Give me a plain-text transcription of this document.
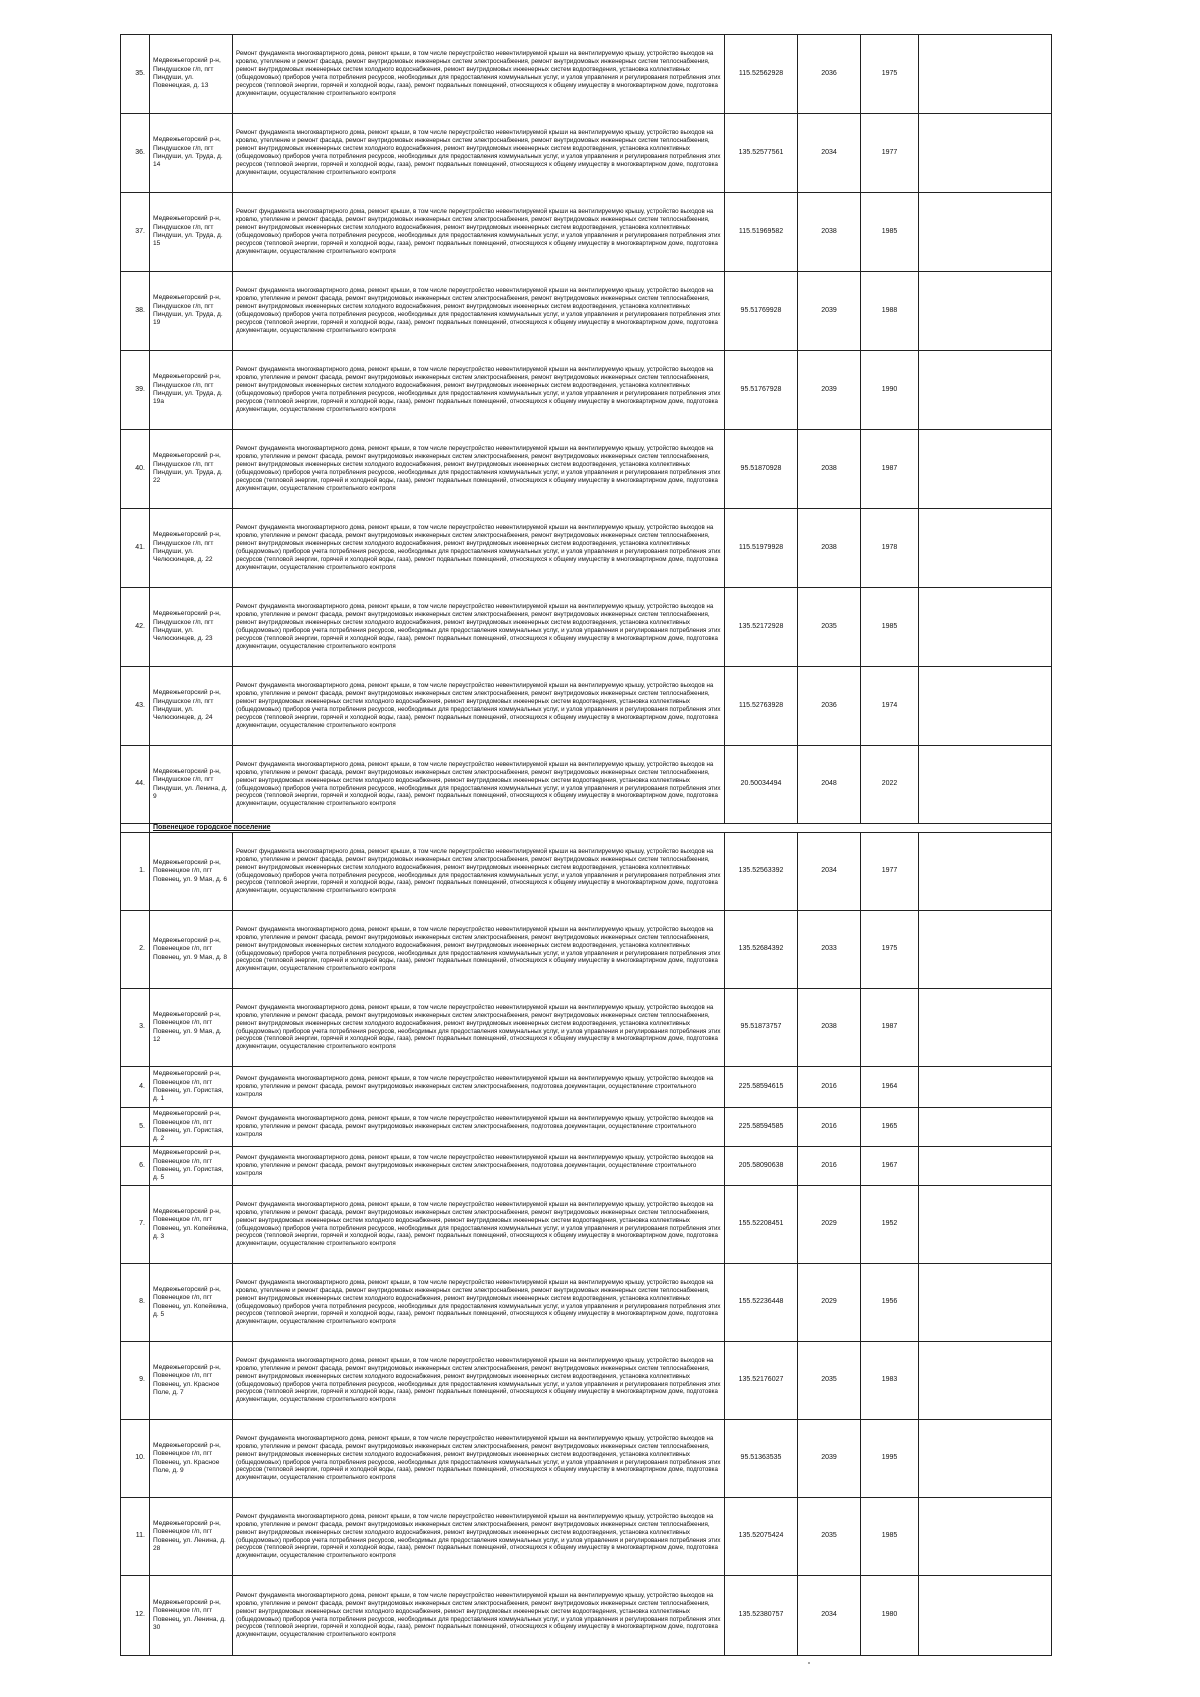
35.	Медвежьегорский р-н, Пиндушское г/п, пгт Пиндуши, ул. Повенецкая, д. 13	Ремонт фундамента многоквартирного дома, ремонт крыши, в том числе переустройство невентилируемой крыши на вентилируемую крышу, устройство выходов на кровлю, утепление и ремонт фасада, ремонт внутридомовых инженерных систем электроснабжения, ремонт внутридомовых инженерных систем теплоснабжения, ремонт внутридомовых инженерных систем холодного водоснабжения, ремонт внутридомовых инженерных систем водоотведения, установка коллективных (общедомовых) приборов учета потребления ресурсов, необходимых для предоставления коммунальных услуг, и узлов управления и регулирования потребления этих ресурсов (тепловой энергии, горячей и холодной воды, газа), ремонт подвальных помещений, относящихся к общему имуществу в многоквартирном доме, подготовка документации, осуществление строительного контроля	115.52562928	2036	1975	
36.	Медвежьегорский р-н, Пиндушское г/п, пгт Пиндуши, ул. Труда, д. 14	Ремонт фундамента многоквартирного дома, ремонт крыши, в том числе переустройство невентилируемой крыши на вентилируемую крышу, устройство выходов на кровлю, утепление и ремонт фасада, ремонт внутридомовых инженерных систем электроснабжения, ремонт внутридомовых инженерных систем теплоснабжения, ремонт внутридомовых инженерных систем холодного водоснабжения, ремонт внутридомовых инженерных систем водоотведения, установка коллективных (общедомовых) приборов учета потребления ресурсов, необходимых для предоставления коммунальных услуг, и узлов управления и регулирования потребления этих ресурсов (тепловой энергии, горячей и холодной воды, газа), ремонт подвальных помещений, относящихся к общему имуществу в многоквартирном доме, подготовка документации, осуществление строительного контроля	135.52577561	2034	1977	
37.	Медвежьегорский р-н, Пиндушское г/п, пгт Пиндуши, ул. Труда, д. 15	Ремонт фундамента многоквартирного дома, ремонт крыши, в том числе переустройство невентилируемой крыши на вентилируемую крышу, устройство выходов на кровлю, утепление и ремонт фасада, ремонт внутридомовых инженерных систем электроснабжения, ремонт внутридомовых инженерных систем теплоснабжения, ремонт внутридомовых инженерных систем холодного водоснабжения, ремонт внутридомовых инженерных систем водоотведения, установка коллективных (общедомовых) приборов учета потребления ресурсов, необходимых для предоставления коммунальных услуг, и узлов управления и регулирования потребления этих ресурсов (тепловой энергии, горячей и холодной воды, газа), ремонт подвальных помещений, относящихся к общему имуществу в многоквартирном доме, подготовка документации, осуществление строительного контроля	115.51969582	2038	1985	
38.	Медвежьегорский р-н, Пиндушское г/п, пгт Пиндуши, ул. Труда, д. 19	Ремонт фундамента многоквартирного дома, ремонт крыши, в том числе переустройство невентилируемой крыши на вентилируемую крышу, устройство выходов на кровлю, утепление и ремонт фасада, ремонт внутридомовых инженерных систем электроснабжения, ремонт внутридомовых инженерных систем теплоснабжения, ремонт внутридомовых инженерных систем холодного водоснабжения, ремонт внутридомовых инженерных систем водоотведения, установка коллективных (общедомовых) приборов учета потребления ресурсов, необходимых для предоставления коммунальных услуг, и узлов управления и регулирования потребления этих ресурсов (тепловой энергии, горячей и холодной воды, газа), ремонт подвальных помещений, относящихся к общему имуществу в многоквартирном доме, подготовка документации, осуществление строительного контроля	95.51769928	2039	1988	
39.	Медвежьегорский р-н, Пиндушское г/п, пгт Пиндуши, ул. Труда, д. 19а	Ремонт фундамента многоквартирного дома, ремонт крыши, в том числе переустройство невентилируемой крыши на вентилируемую крышу, устройство выходов на кровлю, утепление и ремонт фасада, ремонт внутридомовых инженерных систем электроснабжения, ремонт внутридомовых инженерных систем теплоснабжения, ремонт внутридомовых инженерных систем холодного водоснабжения, ремонт внутридомовых инженерных систем водоотведения, установка коллективных (общедомовых) приборов учета потребления ресурсов, необходимых для предоставления коммунальных услуг, и узлов управления и регулирования потребления этих ресурсов (тепловой энергии, горячей и холодной воды, газа), ремонт подвальных помещений, относящихся к общему имуществу в многоквартирном доме, подготовка документации, осуществление строительного контроля	95.51767928	2039	1990	
40.	Медвежьегорский р-н, Пиндушское г/п, пгт Пиндуши, ул. Труда, д. 22	Ремонт фундамента многоквартирного дома, ремонт крыши, в том числе переустройство невентилируемой крыши на вентилируемую крышу, устройство выходов на кровлю, утепление и ремонт фасада, ремонт внутридомовых инженерных систем электроснабжения, ремонт внутридомовых инженерных систем теплоснабжения, ремонт внутридомовых инженерных систем холодного водоснабжения, ремонт внутридомовых инженерных систем водоотведения, установка коллективных (общедомовых) приборов учета потребления ресурсов, необходимых для предоставления коммунальных услуг, и узлов управления и регулирования потребления этих ресурсов (тепловой энергии, горячей и холодной воды, газа), ремонт подвальных помещений, относящихся к общему имуществу в многоквартирном доме, подготовка документации, осуществление строительного контроля	95.51870928	2038	1987	
41.	Медвежьегорский р-н, Пиндушское г/п, пгт Пиндуши, ул. Челюскинцев, д. 22	Ремонт фундамента многоквартирного дома, ремонт крыши, в том числе переустройство невентилируемой крыши на вентилируемую крышу, устройство выходов на кровлю, утепление и ремонт фасада, ремонт внутридомовых инженерных систем электроснабжения, ремонт внутридомовых инженерных систем теплоснабжения, ремонт внутридомовых инженерных систем холодного водоснабжения, ремонт внутридомовых инженерных систем водоотведения, установка коллективных (общедомовых) приборов учета потребления ресурсов, необходимых для предоставления коммунальных услуг, и узлов управления и регулирования потребления этих ресурсов (тепловой энергии, горячей и холодной воды, газа), ремонт подвальных помещений, относящихся к общему имуществу в многоквартирном доме, подготовка документации, осуществление строительного контроля	115.51979928	2038	1978	
42.	Медвежьегорский р-н, Пиндушское г/п, пгт Пиндуши, ул. Челюскинцев, д. 23	Ремонт фундамента многоквартирного дома, ремонт крыши, в том числе переустройство невентилируемой крыши на вентилируемую крышу, устройство выходов на кровлю, утепление и ремонт фасада, ремонт внутридомовых инженерных систем электроснабжения, ремонт внутридомовых инженерных систем теплоснабжения, ремонт внутридомовых инженерных систем холодного водоснабжения, ремонт внутридомовых инженерных систем водоотведения, установка коллективных (общедомовых) приборов учета потребления ресурсов, необходимых для предоставления коммунальных услуг, и узлов управления и регулирования потребления этих ресурсов (тепловой энергии, горячей и холодной воды, газа), ремонт подвальных помещений, относящихся к общему имуществу в многоквартирном доме, подготовка документации, осуществление строительного контроля	135.52172928	2035	1985	
43.	Медвежьегорский р-н, Пиндушское г/п, пгт Пиндуши, ул. Челюскинцев, д. 24	Ремонт фундамента многоквартирного дома, ремонт крыши, в том числе переустройство невентилируемой крыши на вентилируемую крышу, устройство выходов на кровлю, утепление и ремонт фасада, ремонт внутридомовых инженерных систем электроснабжения, ремонт внутридомовых инженерных систем теплоснабжения, ремонт внутридомовых инженерных систем холодного водоснабжения, ремонт внутридомовых инженерных систем водоотведения, установка коллективных (общедомовых) приборов учета потребления ресурсов, необходимых для предоставления коммунальных услуг, и узлов управления и регулирования потребления этих ресурсов (тепловой энергии, горячей и холодной воды, газа), ремонт подвальных помещений, относящихся к общему имуществу в многоквартирном доме, подготовка документации, осуществление строительного контроля	115.52763928	2036	1974	
44.	Медвежьегорский р-н, Пиндушское г/п, пгт Пиндуши, ул. Ленина, д. 9	Ремонт фундамента многоквартирного дома, ремонт крыши, в том числе переустройство невентилируемой крыши на вентилируемую крышу, устройство выходов на кровлю, утепление и ремонт фасада, ремонт внутридомовых инженерных систем электроснабжения, ремонт внутридомовых инженерных систем теплоснабжения, ремонт внутридомовых инженерных систем холодного водоснабжения, ремонт внутридомовых инженерных систем водоотведения, установка коллективных (общедомовых) приборов учета потребления ресурсов, необходимых для предоставления коммунальных услуг, и узлов управления и регулирования потребления этих ресурсов (тепловой энергии, горячей и холодной воды, газа), ремонт подвальных помещений, относящихся к общему имуществу в многоквартирном доме, подготовка документации, осуществление строительного контроля	20.50034494	2048	2022	
	Повенецкое городское поселение					
1.	Медвежьегорский р-н, Повенецкое г/п, пгт Повенец, ул. 9 Мая, д. 6	Ремонт фундамента многоквартирного дома, ремонт крыши, в том числе переустройство невентилируемой крыши на вентилируемую крышу, устройство выходов на кровлю, утепление и ремонт фасада, ремонт внутридомовых инженерных систем электроснабжения, ремонт внутридомовых инженерных систем теплоснабжения, ремонт внутридомовых инженерных систем холодного водоснабжения, ремонт внутридомовых инженерных систем водоотведения, установка коллективных (общедомовых) приборов учета потребления ресурсов, необходимых для предоставления коммунальных услуг, и узлов управления и регулирования потребления этих ресурсов (тепловой энергии, горячей и холодной воды, газа), ремонт подвальных помещений, относящихся к общему имуществу в многоквартирном доме, подготовка документации, осуществление строительного контроля	135.52563392	2034	1977	
2.	Медвежьегорский р-н, Повенецкое г/п, пгт Повенец, ул. 9 Мая, д. 8	Ремонт фундамента многоквартирного дома, ремонт крыши, в том числе переустройство невентилируемой крыши на вентилируемую крышу, устройство выходов на кровлю, утепление и ремонт фасада, ремонт внутридомовых инженерных систем электроснабжения, ремонт внутридомовых инженерных систем теплоснабжения, ремонт внутридомовых инженерных систем холодного водоснабжения, ремонт внутридомовых инженерных систем водоотведения, установка коллективных (общедомовых) приборов учета потребления ресурсов, необходимых для предоставления коммунальных услуг, и узлов управления и регулирования потребления этих ресурсов (тепловой энергии, горячей и холодной воды, газа), ремонт подвальных помещений, относящихся к общему имуществу в многоквартирном доме, подготовка документации, осуществление строительного контроля	135.52684392	2033	1975	
3.	Медвежьегорский р-н, Повенецкое г/п, пгт Повенец, ул. 9 Мая, д. 12	Ремонт фундамента многоквартирного дома, ремонт крыши, в том числе переустройство невентилируемой крыши на вентилируемую крышу, устройство выходов на кровлю, утепление и ремонт фасада, ремонт внутридомовых инженерных систем электроснабжения, ремонт внутридомовых инженерных систем теплоснабжения, ремонт внутридомовых инженерных систем холодного водоснабжения, ремонт внутридомовых инженерных систем водоотведения, установка коллективных (общедомовых) приборов учета потребления ресурсов, необходимых для предоставления коммунальных услуг, и узлов управления и регулирования потребления этих ресурсов (тепловой энергии, горячей и холодной воды, газа), ремонт подвальных помещений, относящихся к общему имуществу в многоквартирном доме, подготовка документации, осуществление строительного контроля	95.51873757	2038	1987	
4.	Медвежьегорский р-н, Повенецкое г/п, пгт Повенец, ул. Гористая, д. 1	Ремонт фундамента многоквартирного дома, ремонт крыши, в том числе переустройство невентилируемой крыши на вентилируемую крышу, устройство выходов на кровлю, утепление и ремонт фасада, ремонт внутридомовых инженерных систем электроснабжения, подготовка документации, осуществление строительного контроля	225.58594615	2016	1964	
5.	Медвежьегорский р-н, Повенецкое г/п, пгт Повенец, ул. Гористая, д. 2	Ремонт фундамента многоквартирного дома, ремонт крыши, в том числе переустройство невентилируемой крыши на вентилируемую крышу, устройство выходов на кровлю, утепление и ремонт фасада, ремонт внутридомовых инженерных систем электроснабжения, подготовка документации, осуществление строительного контроля	225.58594585	2016	1965	
6.	Медвежьегорский р-н, Повенецкое г/п, пгт Повенец, ул. Гористая, д. 5	Ремонт фундамента многоквартирного дома, ремонт крыши, в том числе переустройство невентилируемой крыши на вентилируемую крышу, устройство выходов на кровлю, утепление и ремонт фасада, ремонт внутридомовых инженерных систем электроснабжения, подготовка документации, осуществление строительного контроля	205.58090638	2016	1967	
7.	Медвежьегорский р-н, Повенецкое г/п, пгт Повенец, ул. Копейкина, д. 3	Ремонт фундамента многоквартирного дома, ремонт крыши, в том числе переустройство невентилируемой крыши на вентилируемую крышу, устройство выходов на кровлю, утепление и ремонт фасада, ремонт внутридомовых инженерных систем электроснабжения, ремонт внутридомовых инженерных систем теплоснабжения, ремонт внутридомовых инженерных систем холодного водоснабжения, ремонт внутридомовых инженерных систем водоотведения, установка коллективных (общедомовых) приборов учета потребления ресурсов, необходимых для предоставления коммунальных услуг, и узлов управления и регулирования потребления этих ресурсов (тепловой энергии, горячей и холодной воды, газа), ремонт подвальных помещений, относящихся к общему имуществу в многоквартирном доме, подготовка документации, осуществление строительного контроля	155.52208451	2029	1952	
8.	Медвежьегорский р-н, Повенецкое г/п, пгт Повенец, ул. Копейкина, д. 5	Ремонт фундамента многоквартирного дома, ремонт крыши, в том числе переустройство невентилируемой крыши на вентилируемую крышу, устройство выходов на кровлю, утепление и ремонт фасада, ремонт внутридомовых инженерных систем электроснабжения, ремонт внутридомовых инженерных систем теплоснабжения, ремонт внутридомовых инженерных систем холодного водоснабжения, ремонт внутридомовых инженерных систем водоотведения, установка коллективных (общедомовых) приборов учета потребления ресурсов, необходимых для предоставления коммунальных услуг, и узлов управления и регулирования потребления этих ресурсов (тепловой энергии, горячей и холодной воды, газа), ремонт подвальных помещений, относящихся к общему имуществу в многоквартирном доме, подготовка документации, осуществление строительного контроля	155.52236448	2029	1956	
9.	Медвежьегорский р-н, Повенецкое г/п, пгт Повенец, ул. Красное Поле, д. 7	Ремонт фундамента многоквартирного дома, ремонт крыши, в том числе переустройство невентилируемой крыши на вентилируемую крышу, устройство выходов на кровлю, утепление и ремонт фасада, ремонт внутридомовых инженерных систем электроснабжения, ремонт внутридомовых инженерных систем теплоснабжения, ремонт внутридомовых инженерных систем холодного водоснабжения, ремонт внутридомовых инженерных систем водоотведения, установка коллективных (общедомовых) приборов учета потребления ресурсов, необходимых для предоставления коммунальных услуг, и узлов управления и регулирования потребления этих ресурсов (тепловой энергии, горячей и холодной воды, газа), ремонт подвальных помещений, относящихся к общему имуществу в многоквартирном доме, подготовка документации, осуществление строительного контроля	135.52176027	2035	1983	
10.	Медвежьегорский р-н, Повенецкое г/п, пгт Повенец, ул. Красное Поле, д. 9	Ремонт фундамента многоквартирного дома, ремонт крыши, в том числе переустройство невентилируемой крыши на вентилируемую крышу, устройство выходов на кровлю, утепление и ремонт фасада, ремонт внутридомовых инженерных систем электроснабжения, ремонт внутридомовых инженерных систем теплоснабжения, ремонт внутридомовых инженерных систем холодного водоснабжения, ремонт внутридомовых инженерных систем водоотведения, установка коллективных (общедомовых) приборов учета потребления ресурсов, необходимых для предоставления коммунальных услуг, и узлов управления и регулирования потребления этих ресурсов (тепловой энергии, горячей и холодной воды, газа), ремонт подвальных помещений, относящихся к общему имуществу в многоквартирном доме, подготовка документации, осуществление строительного контроля	95.51363535	2039	1995	
11.	Медвежьегорский р-н, Повенецкое г/п, пгт Повенец, ул. Ленина, д. 28	Ремонт фундамента многоквартирного дома, ремонт крыши, в том числе переустройство невентилируемой крыши на вентилируемую крышу, устройство выходов на кровлю, утепление и ремонт фасада, ремонт внутридомовых инженерных систем электроснабжения, ремонт внутридомовых инженерных систем теплоснабжения, ремонт внутридомовых инженерных систем холодного водоснабжения, ремонт внутридомовых инженерных систем водоотведения, установка коллективных (общедомовых) приборов учета потребления ресурсов, необходимых для предоставления коммунальных услуг, и узлов управления и регулирования потребления этих ресурсов (тепловой энергии, горячей и холодной воды, газа), ремонт подвальных помещений, относящихся к общему имуществу в многоквартирном доме, подготовка документации, осуществление строительного контроля	135.52075424	2035	1985	
12.	Медвежьегорский р-н, Повенецкое г/п, пгт Повенец, ул. Ленина, д. 30	Ремонт фундамента многоквартирного дома, ремонт крыши, в том числе переустройство невентилируемой крыши на вентилируемую крышу, устройство выходов на кровлю, утепление и ремонт фасада, ремонт внутридомовых инженерных систем электроснабжения, ремонт внутридомовых инженерных систем теплоснабжения, ремонт внутридомовых инженерных систем холодного водоснабжения, ремонт внутридомовых инженерных систем водоотведения, установка коллективных (общедомовых) приборов учета потребления ресурсов, необходимых для предоставления коммунальных услуг, и узлов управления и регулирования потребления этих ресурсов (тепловой энергии, горячей и холодной воды, газа), ремонт подвальных помещений, относящихся к общему имуществу в многоквартирном доме, подготовка документации, осуществление строительного контроля	135.52380757	2034	1980	
